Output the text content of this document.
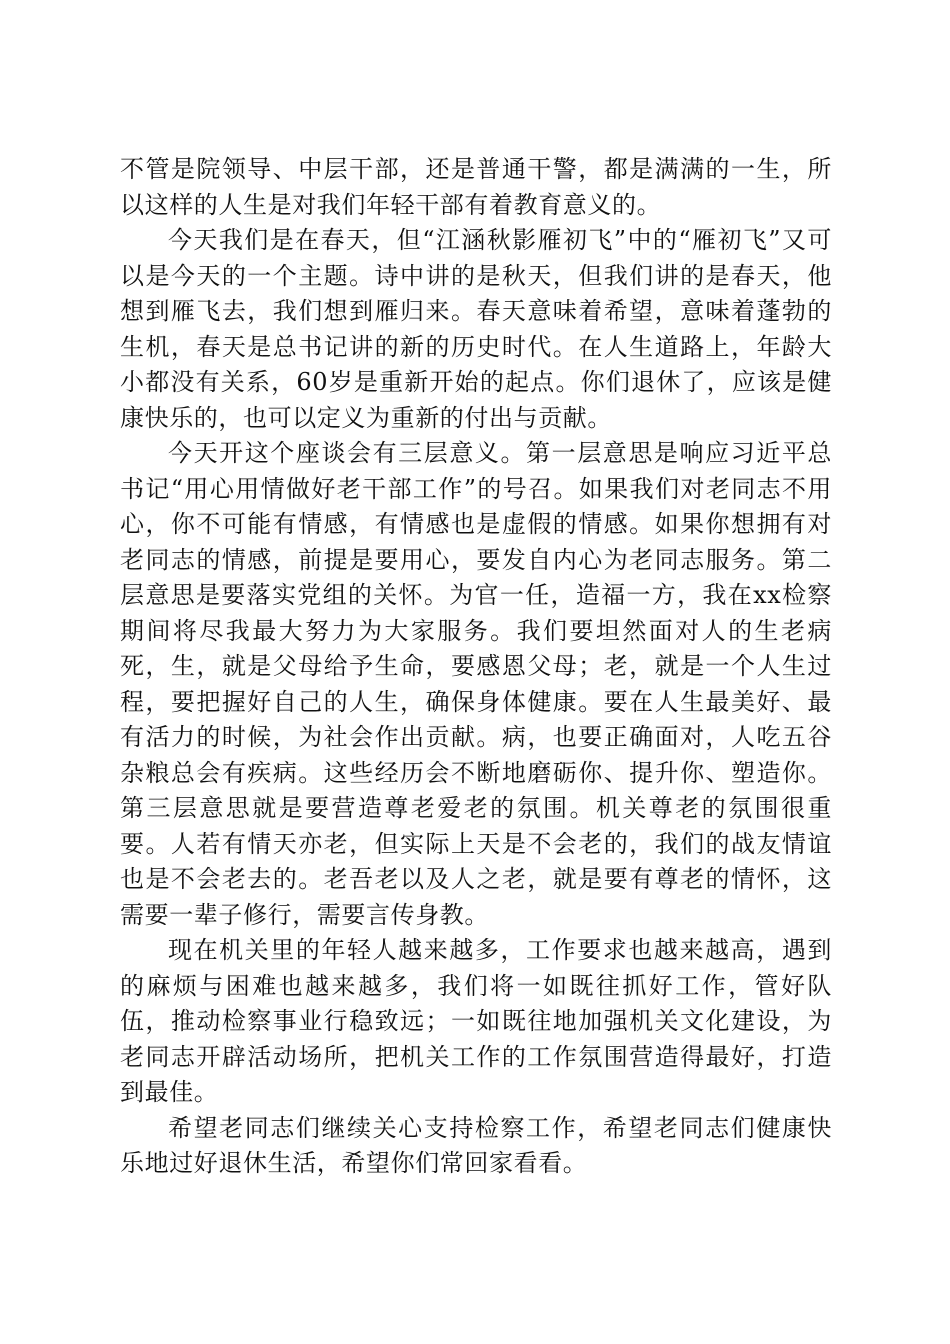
不管是院领导、中层干部，还是普通干警，都是满满的一生，所以这样的人生是对我们年轻干部有着教育意义的。

今天我们是在春天，但“江涵秋影雁初飞”中的“雁初飞”又可以是今天的一个主题。诗中讲的是秋天，但我们讲的是春天，他想到雁飞去，我们想到雁归来。春天意味着希望，意味着蓬勃的生机，春天是总书记讲的新的历史时代。在人生道路上，年龄大小都没有关系，60岁是重新开始的起点。你们退休了，应该是健康快乐的，也可以定义为重新的付出与贡献。

今天开这个座谈会有三层意义。第一层意思是响应习近平总书记“用心用情做好老干部工作”的号召。如果我们对老同志不用心，你不可能有情感，有情感也是虚假的情感。如果你想拥有对老同志的情感，前提是要用心，要发自内心为老同志服务。第二层意思是要落实党组的关怀。为官一任，造福一方，我在xx检察期间将尽我最大努力为大家服务。我们要坦然面对人的生老病死，生，就是父母给予生命，要感恩父母；老，就是一个人生过程，要把握好自己的人生，确保身体健康。要在人生最美好、最有活力的时候，为社会作出贡献。病，也要正确面对，人吃五谷杂粮总会有疾病。这些经历会不断地磨砺你、提升你、塑造你。第三层意思就是要营造尊老爱老的氛围。机关尊老的氛围很重要。人若有情天亦老，但实际上天是不会老的，我们的战友情谊也是不会老去的。老吾老以及人之老，就是要有尊老的情怀，这需要一辈子修行，需要言传身教。

现在机关里的年轻人越来越多，工作要求也越来越高，遇到的麻烦与困难也越来越多，我们将一如既往抓好工作，管好队伍，推动检察事业行稳致远；一如既往地加强机关文化建设，为老同志开辟活动场所，把机关工作的工作氛围营造得最好，打造到最佳。

希望老同志们继续关心支持检察工作，希望老同志们健康快乐地过好退休生活，希望你们常回家看看。
